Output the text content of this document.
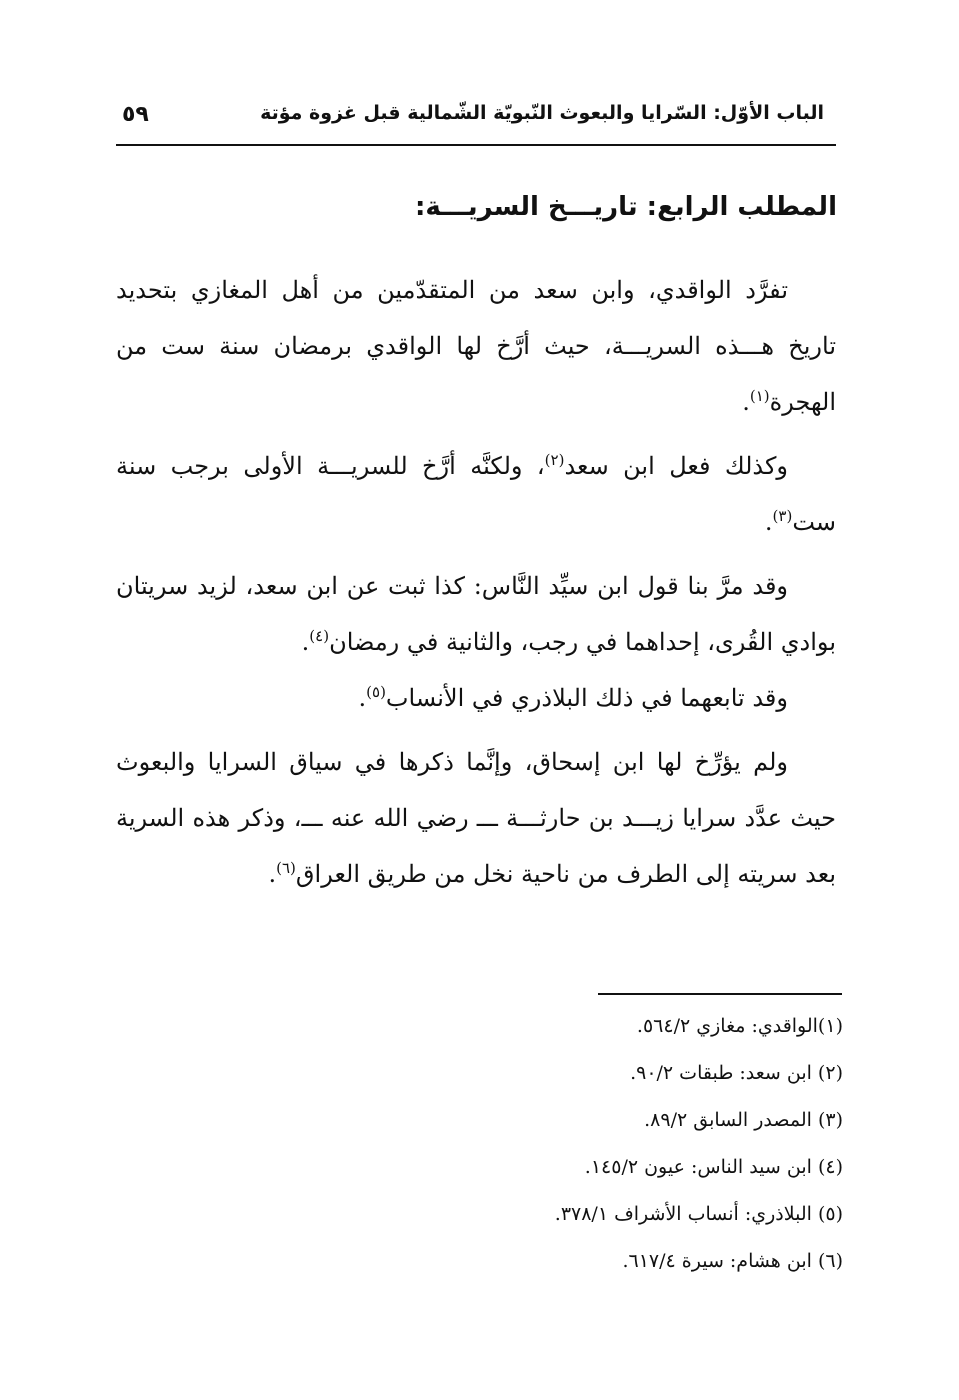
الباب الأوّل: السّرايا والبعوث النّبويّة الشّمالية قبل غزوة مؤتة
٥٩
المطلب الرابع: تاريـــخ السريـــة:

تفرَّد الواقدي، وابن سعد من المتقدّمين من أهل المغازي بتحديد تاريخ هـــذه السريـــة، حيث أرَّخ لها الواقدي برمضان سنة ست من الهجرة$^{(١)}$.

وكذلك فعل ابن سعد$^{(٢)}$، ولكنَّه أرَّخ للسريـــة الأولى برجب سنة ست$^{(٣)}$.

وقد مرَّ بنا قول ابن سيِّد النَّاس: كذا ثبت عن ابن سعد، لزيد سريتان بوادي القُرى، إحداهما في رجب، والثانية في رمضان$^{(٤)}$.

وقد تابعهما في ذلك البلاذري في الأنساب$^{(٥)}$.

ولم يؤرِّخ لها ابن إسحاق، وإنَّما ذكرها في سياق السرايا والبعوث حيث عدَّد سرايا زيـــد بن حارثـــة ـــ رضي الله عنه ـــ، وذكر هذه السرية بعد سريته إلى الطرف من ناحية نخل من طريق العراق$^{(٦)}$.

(١)الواقدي: مغازي ٥٦٤/٢.
(٢) ابن سعد: طبقات ٩٠/٢.
(٣) المصدر السابق ٨٩/٢.
(٤) ابن سيد الناس: عيون ١٤٥/٢.
(٥) البلاذري: أنساب الأشراف ٣٧٨/١.
(٦) ابن هشام: سيرة ٦١٧/٤.
